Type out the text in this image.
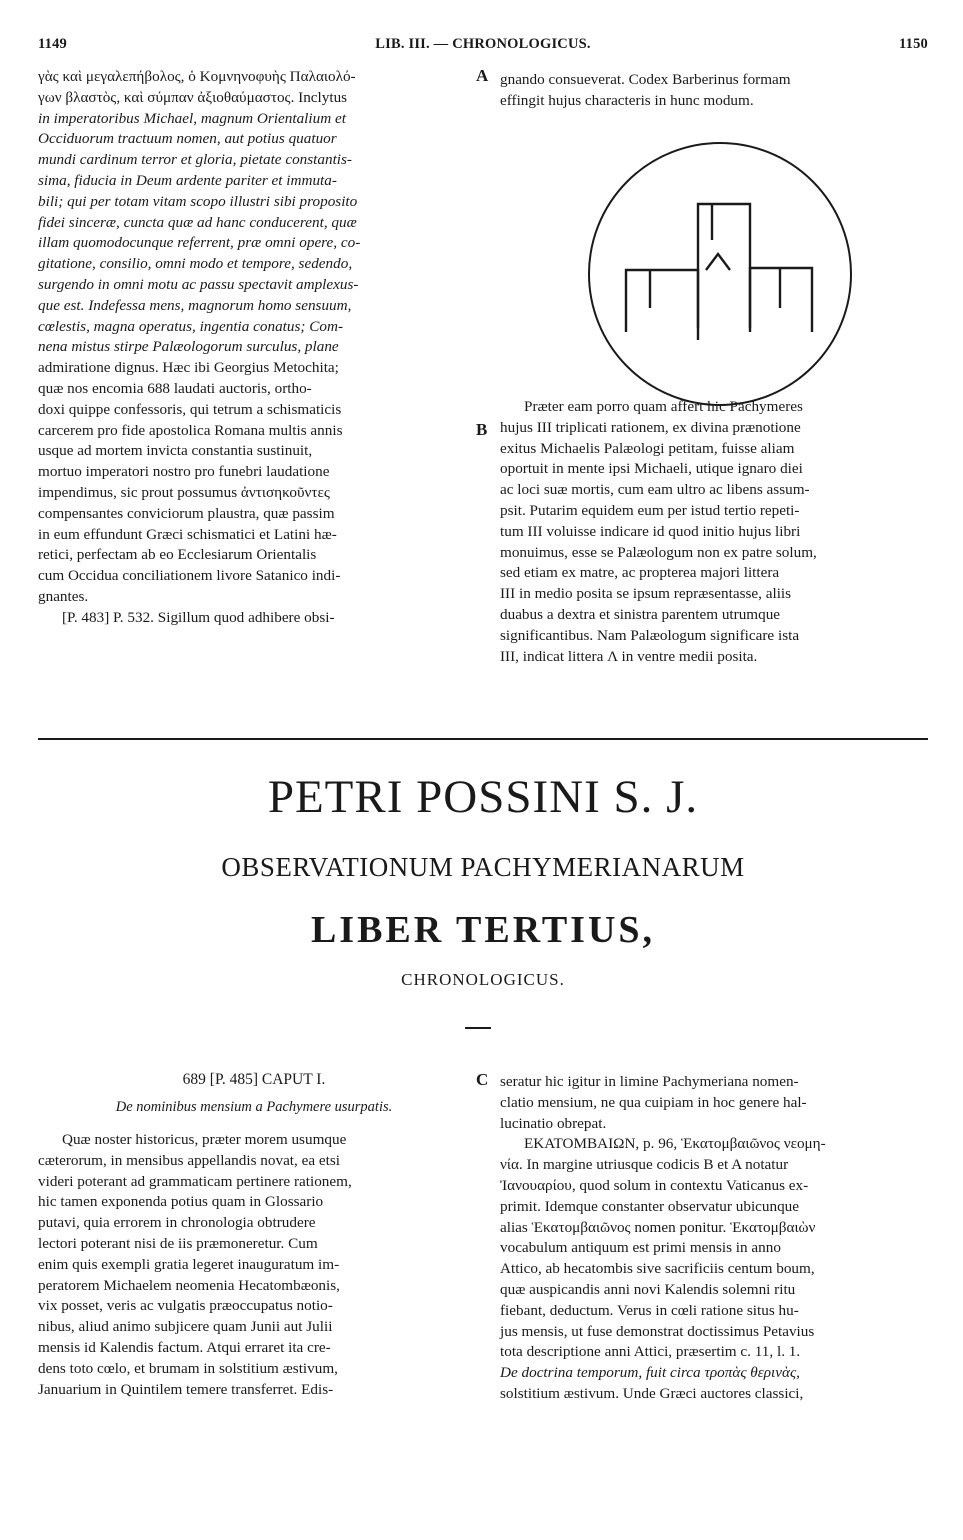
1149	LIB. III. — CHRONOLOGICUS.	1150

γὰς καὶ μεγαλεπήβολος, ὁ Κομνηνοφυὴς Παλαιολό-

γων βλαστὸς, καὶ σύμπαν ἀξιοθαύμαστος. Inclytus

in imperatoribus Michael, magnum Orientalium et

Occiduorum tractuum nomen, aut potius quatuor

mundi cardinum terror et gloria, pietate constantis-

sima, fiducia in Deum ardente pariter et immuta-

bili; qui per totam vitam scopo illustri sibi proposito

fidei sinceræ, cuncta quæ ad hanc conducerent, quæ

illam quomodocunque referrent, præ omni opere, co-

gitatione, consilio, omni modo et tempore, sedendo,

surgendo in omni motu ac passu spectavit amplexus-

que est. Indefessa mens, magnorum homo sensuum,

cœlestis, magna operatus, ingentia conatus; Com-

nena mistus stirpe Palæologorum surculus, plane

admiratione dignus. Hæc ibi Georgius Metochita;

quæ nos encomia 688 laudati auctoris, ortho-

doxi quippe confessoris, qui tetrum a schismaticis

carcerem pro fide apostolica Romana multis annis

usque ad mortem invicta constantia sustinuit,

mortuo imperatori nostro pro funebri laudatione

impendimus, sic prout possumus ἀντισηκοῦντες

compensantes conviciorum plaustra, quæ passim

in eum effundunt Græci schismatici et Latini hæ-

retici, perfectam ab eo Ecclesiarum Orientalis

cum Occidua conciliationem livore Satanico indi-

gnantes.

[P. 483] P. 532. Sigillum quod adhibere obsi-

A
B

gnando consueverat. Codex Barberinus formam

effingit hujus characteris in hunc modum.

Præter eam porro quam affert hic Pachymeres

hujus III triplicati rationem, ex divina prænotione

exitus Michaelis Palæologi petitam, fuisse aliam

oportuit in mente ipsi Michaeli, utique ignaro diei

ac loci suæ mortis, cum eam ultro ac libens assum-

psit. Putarim equidem eum per istud tertio repeti-

tum III voluisse indicare id quod initio hujus libri

monuimus, esse se Palæologum non ex patre solum,

sed etiam ex matre, ac propterea majori littera

III in medio posita se ipsum repræsentasse, aliis

duabus a dextra et sinistra parentem utrumque

significantibus. Nam Palæologum significare ista

III, indicat littera Λ in ventre medii posita.

PETRI POSSINI S. J.
OBSERVATIONUM PACHYMERIANARUM
LIBER TERTIUS,
CHRONOLOGICUS.

689 [P. 485] CAPUT I.

De nominibus mensium a Pachymere usurpatis.

Quæ noster historicus, præter morem usumque

cæterorum, in mensibus appellandis novat, ea etsi

videri poterant ad grammaticam pertinere rationem,

hic tamen exponenda potius quam in Glossario

putavi, quia errorem in chronologia obtrudere

lectori poterant nisi de iis præmoneretur. Cum

enim quis exempli gratia legeret inauguratum im-

peratorem Michaelem neomenia Hecatombæonis,

vix posset, veris ac vulgatis præoccupatus notio-

nibus, aliud animo subjicere quam Junii aut Julii

mensis id Kalendis factum. Atqui erraret ita cre-

dens toto cœlo, et brumam in solstitium æstivum,

Januarium in Quintilem temere transferret. Edis-

C seratur hic igitur in limine Pachymeriana nomen-

clatio mensium, ne qua cuipiam in hoc genere hal-

lucinatio obrepat.

ΕΚΑΤΟΜΒΑΙΩΝ, p. 96, Ἑκατομβαιῶνος νεομη-

νία. In margine utriusque codicis B et A notatur

Ἰανουαρίου, quod solum in contextu Vaticanus ex-

primit. Idemque constanter observatur ubicunque

alias Ἑκατομβαιῶνος nomen ponitur. Ἑκατομβαιὼν

vocabulum antiquum est primi mensis in anno

Attico, ab hecatombis sive sacrificiis centum boum,

quæ auspicandis anni novi Kalendis solemni ritu

fiebant, deductum. Verus in cœli ratione situs hu-

jus mensis, ut fuse demonstrat doctissimus Petavius

tota descriptione anni Attici, præsertim c. 11, l. 1.

De doctrina temporum, fuit circa τροπὰς θερινὰς,

solstitium æstivum. Unde Græci auctores classici,
